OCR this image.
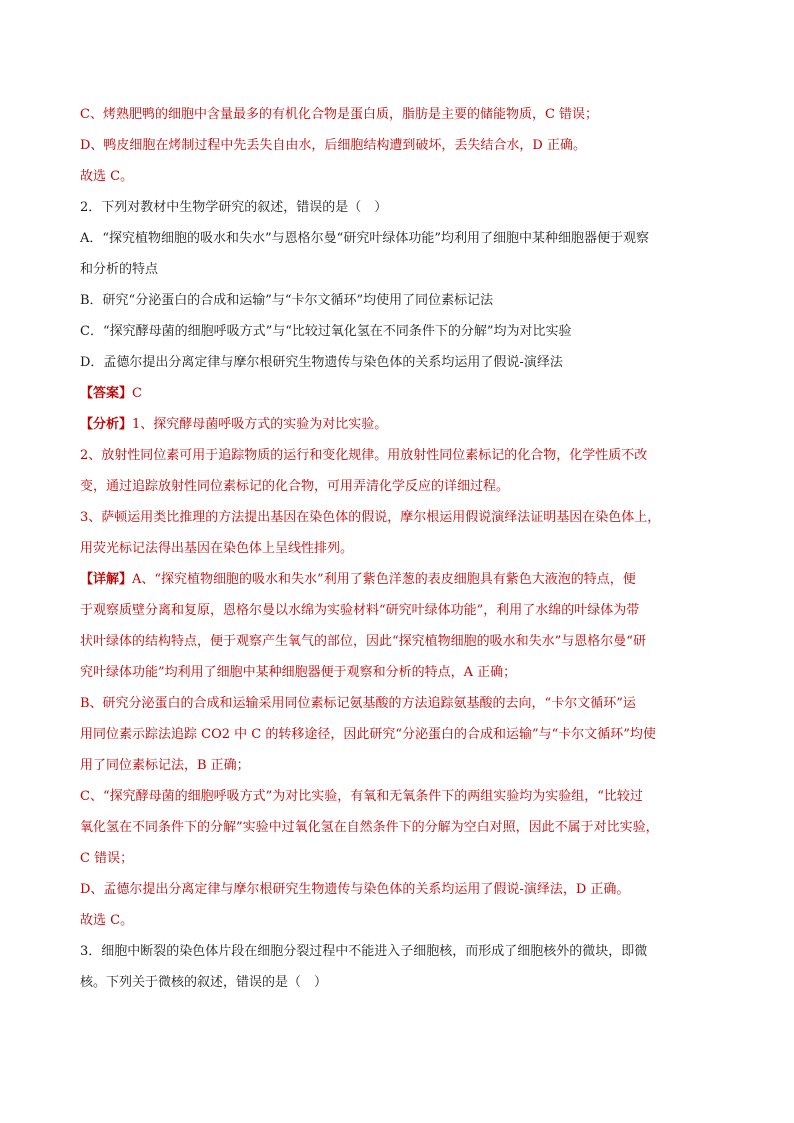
C、烤熟肥鸭的细胞中含量最多的有机化合物是蛋白质，脂肪是主要的储能物质，C 错误；
D、鸭皮细胞在烤制过程中先丢失自由水，后细胞结构遭到破坏，丢失结合水，D 正确。
故选 C。
2．下列对教材中生物学研究的叙述，错误的是（　）
A．“探究植物细胞的吸水和失水”与恩格尔曼“研究叶绿体功能”均利用了细胞中某种细胞器便于观察
和分析的特点
B．研究“分泌蛋白的合成和运输”与“卡尔文循环”均使用了同位素标记法
C．“探究酵母菌的细胞呼吸方式”与“比较过氧化氢在不同条件下的分解”均为对比实验
D．孟德尔提出分离定律与摩尔根研究生物遗传与染色体的关系均运用了假说-演绎法
【答案】C
【分析】1、探究酵母菌呼吸方式的实验为对比实验。
2、放射性同位素可用于追踪物质的运行和变化规律。用放射性同位素标记的化合物，化学性质不改
变，通过追踪放射性同位素标记的化合物，可用弄清化学反应的详细过程。
3、萨顿运用类比推理的方法提出基因在染色体的假说，摩尔根运用假说演绎法证明基因在染色体上，
用荧光标记法得出基因在染色体上呈线性排列。
【详解】A、“探究植物细胞的吸水和失水”利用了紫色洋葱的表皮细胞具有紫色大液泡的特点，便
于观察质壁分离和复原，恩格尔曼以水绵为实验材料“研究叶绿体功能”，利用了水绵的叶绿体为带
状叶绿体的结构特点，便于观察产生氧气的部位，因此“探究植物细胞的吸水和失水”与恩格尔曼“研
究叶绿体功能”均利用了细胞中某种细胞器便于观察和分析的特点，A 正确；
B、研究分泌蛋白的合成和运输采用同位素标记氨基酸的方法追踪氨基酸的去向，“卡尔文循环”运
用同位素示踪法追踪 CO2 中 C 的转移途径，因此研究“分泌蛋白的合成和运输”与“卡尔文循环”均使
用了同位素标记法，B 正确；
C、“探究酵母菌的细胞呼吸方式”为对比实验，有氧和无氧条件下的两组实验均为实验组，“比较过
氧化氢在不同条件下的分解”实验中过氧化氢在自然条件下的分解为空白对照，因此不属于对比实验，
C 错误；
D、孟德尔提出分离定律与摩尔根研究生物遗传与染色体的关系均运用了假说-演绎法，D 正确。
故选 C。
3．细胞中断裂的染色体片段在细胞分裂过程中不能进入子细胞核，而形成了细胞核外的微块，即微
核。下列关于微核的叙述，错误的是（　）
